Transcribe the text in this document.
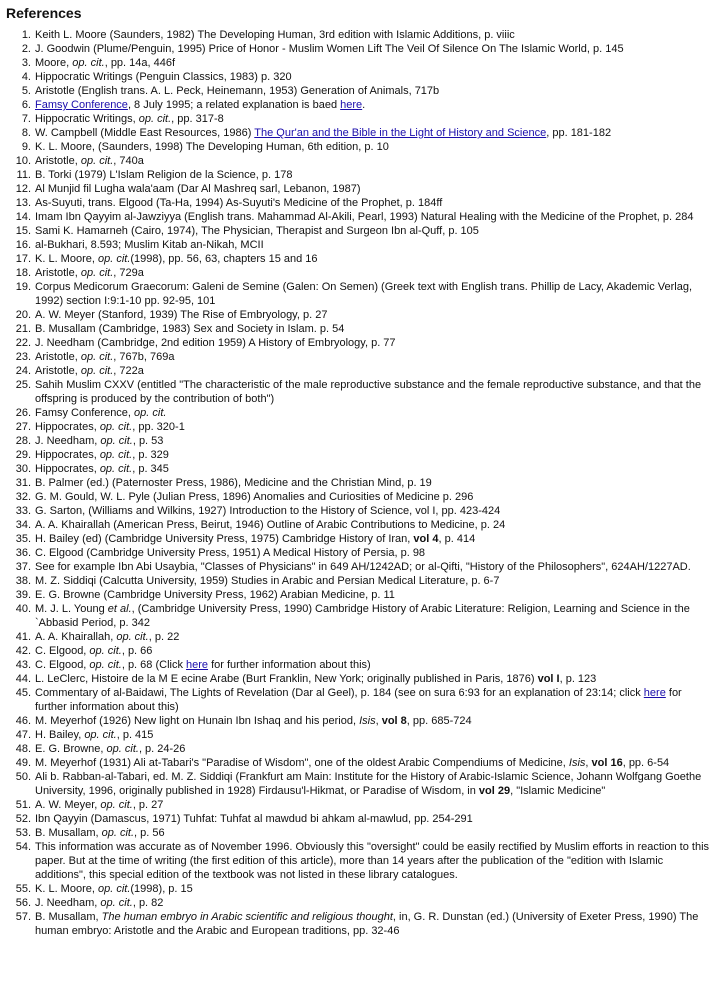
References
1. Keith L. Moore (Saunders, 1982) The Developing Human, 3rd edition with Islamic Additions, p. viiic
2. J. Goodwin (Plume/Penguin, 1995) Price of Honor - Muslim Women Lift The Veil Of Silence On The Islamic World, p. 145
3. Moore, op. cit., pp. 14a, 446f
4. Hippocratic Writings (Penguin Classics, 1983) p. 320
5. Aristotle (English trans. A. L. Peck, Heinemann, 1953) Generation of Animals, 717b
6. Famsy Conference, 8 July 1995; a related explanation is baed here.
7. Hippocratic Writings, op. cit., pp. 317-8
8. W. Campbell (Middle East Resources, 1986) The Qur'an and the Bible in the Light of History and Science, pp. 181-182
9. K. L. Moore, (Saunders, 1998) The Developing Human, 6th edition, p. 10
10. Aristotle, op. cit., 740a
11. B. Torki (1979) L'Islam Religion de la Science, p. 178
12. Al Munjid fil Lugha wala'aam (Dar Al Mashreq sarl, Lebanon, 1987)
13. As-Suyuti, trans. Elgood (Ta-Ha, 1994) As-Suyuti's Medicine of the Prophet, p. 184ff
14. Imam Ibn Qayyim al-Jawziyya (English trans. Mahammad Al-Akili, Pearl, 1993) Natural Healing with the Medicine of the Prophet, p. 284
15. Sami K. Hamarneh (Cairo, 1974), The Physician, Therapist and Surgeon Ibn al-Quff, p. 105
16. al-Bukhari, 8.593; Muslim Kitab an-Nikah, MCII
17. K. L. Moore, op. cit.(1998), pp. 56, 63, chapters 15 and 16
18. Aristotle, op. cit., 729a
19. Corpus Medicorum Graecorum: Galeni de Semine (Galen: On Semen) (Greek text with English trans. Phillip de Lacy, Akademic Verlag, 1992) section I:9:1-10 pp. 92-95, 101
20. A. W. Meyer (Stanford, 1939) The Rise of Embryology, p. 27
21. B. Musallam (Cambridge, 1983) Sex and Society in Islam. p. 54
22. J. Needham (Cambridge, 2nd edition 1959) A History of Embryology, p. 77
23. Aristotle, op. cit., 767b, 769a
24. Aristotle, op. cit., 722a
25. Sahih Muslim CXXV (entitled "The characteristic of the male reproductive substance and the female reproductive substance, and that the offspring is produced by the contribution of both")
26. Famsy Conference, op. cit.
27. Hippocrates, op. cit., pp. 320-1
28. J. Needham, op. cit., p. 53
29. Hippocrates, op. cit., p. 329
30. Hippocrates, op. cit., p. 345
31. B. Palmer (ed.) (Paternoster Press, 1986), Medicine and the Christian Mind, p. 19
32. G. M. Gould, W. L. Pyle (Julian Press, 1896) Anomalies and Curiosities of Medicine p. 296
33. G. Sarton, (Williams and Wilkins, 1927) Introduction to the History of Science, vol I, pp. 423-424
34. A. A. Khairallah (American Press, Beirut, 1946) Outline of Arabic Contributions to Medicine, p. 24
35. H. Bailey (ed) (Cambridge University Press, 1975) Cambridge History of Iran, vol 4, p. 414
36. C. Elgood (Cambridge University Press, 1951) A Medical History of Persia, p. 98
37. See for example Ibn Abi Usaybia, "Classes of Physicians" in 649 AH/1242AD; or al-Qifti, "History of the Philosophers", 624AH/1227AD.
38. M. Z. Siddiqi (Calcutta University, 1959) Studies in Arabic and Persian Medical Literature, p. 6-7
39. E. G. Browne (Cambridge University Press, 1962) Arabian Medicine, p. 11
40. M. J. L. Young et al., (Cambridge University Press, 1990) Cambridge History of Arabic Literature: Religion, Learning and Science in the `Abbasid Period, p. 342
41. A. A. Khairallah, op. cit., p. 22
42. C. Elgood, op. cit., p. 66
43. C. Elgood, op. cit., p. 68 (Click here for further information about this)
44. L. LeClerc, Histoire de la M E ecine Arabe (Burt Franklin, New York; originally published in Paris, 1876) vol I, p. 123
45. Commentary of al-Baidawi, The Lights of Revelation (Dar al Geel), p. 184 (see on sura 6:93 for an explanation of 23:14; click here for further information about this)
46. M. Meyerhof (1926) New light on Hunain Ibn Ishaq and his period, Isis, vol 8, pp. 685-724
47. H. Bailey, op. cit., p. 415
48. E. G. Browne, op. cit., p. 24-26
49. M. Meyerhof (1931) Ali at-Tabari's "Paradise of Wisdom", one of the oldest Arabic Compendiums of Medicine, Isis, vol 16, pp. 6-54
50. Ali b. Rabban-al-Tabari, ed. M. Z. Siddiqi (Frankfurt am Main: Institute for the History of Arabic-Islamic Science, Johann Wolfgang Goethe University, 1996, originally published in 1928) Firdausu'l-Hikmat, or Paradise of Wisdom, in vol 29, "Islamic Medicine"
51. A. W. Meyer, op. cit., p. 27
52. Ibn Qayyin (Damascus, 1971) Tuhfat: Tuhfat al mawdud bi ahkam al-mawlud, pp. 254-291
53. B. Musallam, op. cit., p. 56
54. This information was accurate as of November 1996. Obviously this "oversight" could be easily rectified by Muslim efforts in reaction to this paper. But at the time of writing (the first edition of this article), more than 14 years after the publication of the "edition with Islamic additions", this special edition of the textbook was not listed in these library catalogues.
55. K. L. Moore, op. cit.(1998), p. 15
56. J. Needham, op. cit., p. 82
57. B. Musallam, The human embryo in Arabic scientific and religious thought, in, G. R. Dunstan (ed.) (University of Exeter Press, 1990) The human embryo: Aristotle and the Arabic and European traditions, pp. 32-46
